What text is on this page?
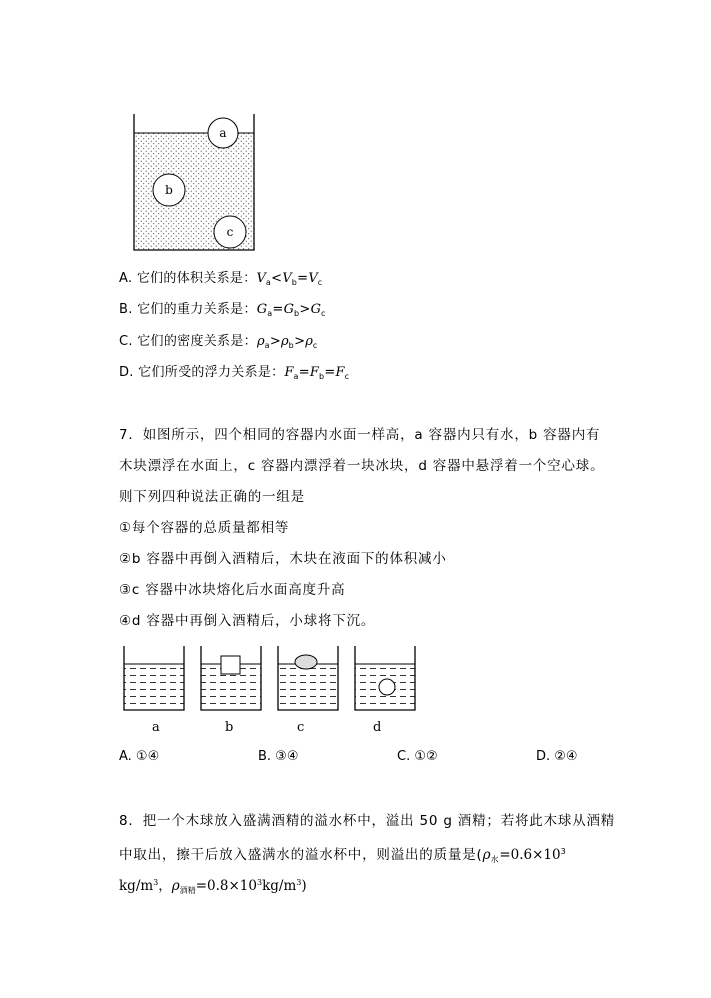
a
b
c
A. 它们的体积关系是：$V_a<V_b=V_c$
B. 它们的重力关系是：$G_a=G_b>G_c$
C. 它们的密度关系是：$\rho_a>\rho_b>\rho_c$
D. 它们所受的浮力关系是：$F_a=F_b=F_c$
7．如图所示，四个相同的容器内水面一样高，a 容器内只有水，b 容器内有
木块漂浮在水面上，c 容器内漂浮着一块冰块，d 容器中悬浮着一个空心球。
则下列四种说法正确的一组是
①每个容器的总质量都相等
②b 容器中再倒入酒精后，木块在液面下的体积减小
③c 容器中冰块熔化后水面高度升高
④d 容器中再倒入酒精后，小球将下沉。
a	b	c	d
A. ①④	B. ③④	C. ①②	D. ②④
8．把一个木球放入盛满酒精的溢水杯中，溢出 50 g 酒精；若将此木球从酒精
中取出，擦干后放入盛满水的溢水杯中，则溢出的质量是($\rho_水=0.6\times 10^3$
$kg/m^3$，$\rho_{酒精}=0.8\times 10^3kg/m^3$)
